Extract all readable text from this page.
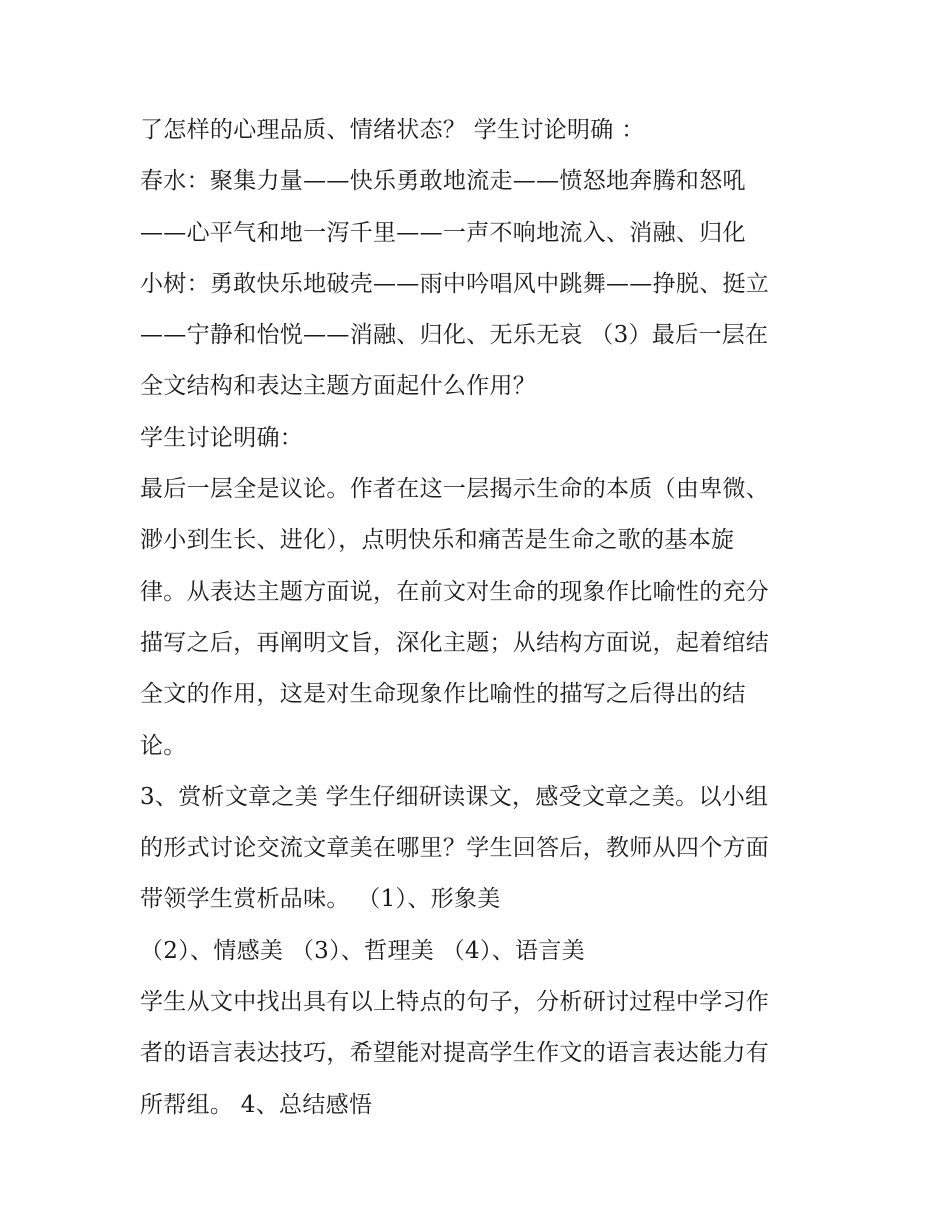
了怎样的心理品质、情绪状态？ 学生讨论明确 ：
春水：聚集力量——快乐勇敢地流走——愤怒地奔腾和怒吼
——心平气和地一泻千里——一声不响地流入、消融、归化
小树：勇敢快乐地破壳——雨中吟唱风中跳舞——挣脱、挺立
——宁静和怡悦——消融、归化、无乐无哀 （3）最后一层在
全文结构和表达主题方面起什么作用？
学生讨论明确：
最后一层全是议论。作者在这一层揭示生命的本质（由卑微、
渺小到生长、进化），点明快乐和痛苦是生命之歌的基本旋
律。从表达主题方面说，在前文对生命的现象作比喻性的充分
描写之后，再阐明文旨，深化主题；从结构方面说，起着绾结
全文的作用，这是对生命现象作比喻性的描写之后得出的结
论。
3、赏析文章之美 学生仔细研读课文，感受文章之美。以小组
的形式讨论交流文章美在哪里？学生回答后，教师从四个方面
带领学生赏析品味。 （1）、形象美
（2）、情感美 （3）、哲理美 （4）、语言美
学生从文中找出具有以上特点的句子，分析研讨过程中学习作
者的语言表达技巧，希望能对提高学生作文的语言表达能力有
所帮组。 4、总结感悟
